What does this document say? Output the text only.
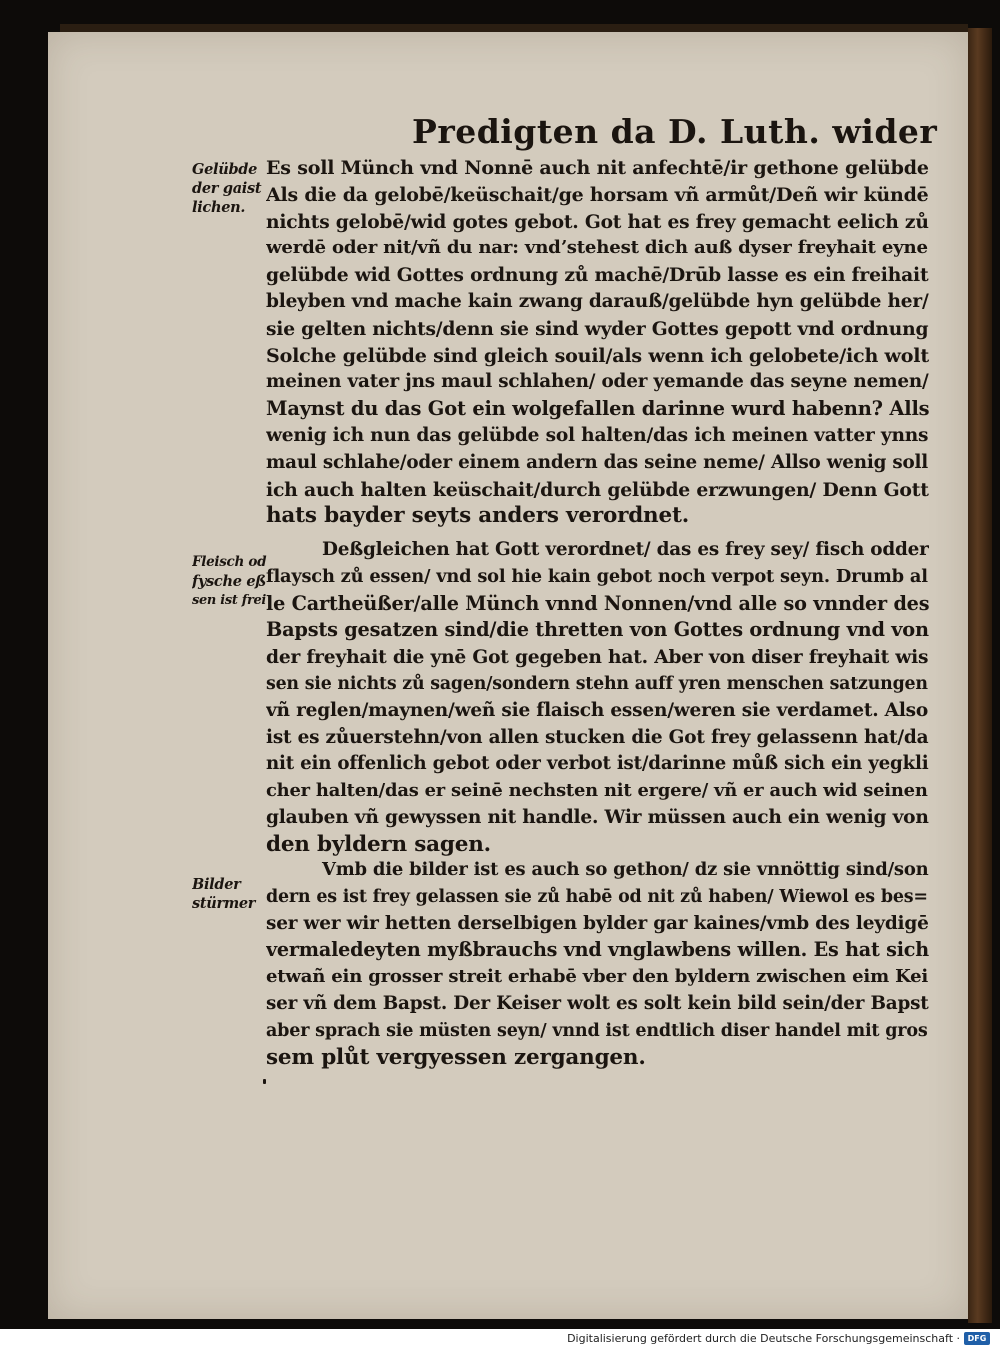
Predigten da D. Luth. wider
Gelübde
der gaist
lichen.
Es soll Münch vnd Nonnē auch nit anfechtē/ir gethone gelübde
Als die da gelobē/keüschait/ge horsam vñ armůt/Deñ wir kündē
nichts gelobē/wid gotes gebot. Got hat es frey gemacht eelich zů
werdē oder nit/vñ du nar: vndʼstehest dich auß dyser freyhait eyne
gelübde wid Gottes ordnung zů machē/Drūb lasse es ein freihait
bleyben vnd mache kain zwang darauß/gelübde hyn gelübde her/
sie gelten nichts/denn sie sind wyder Gottes gepott vnd ordnung
Solche gelübde sind gleich souil/als wenn ich gelobete/ich wolt
meinen vater jns maul schlahen/ oder yemande das seyne nemen/
Maynst du das Got ein wolgefallen darinne wurd habenn? Alls
wenig ich nun das gelübde sol halten/das ich meinen vatter ynns
maul schlahe/oder einem andern das seine neme/ Allso wenig soll
ich auch halten keüschait/durch gelübde erzwungen/ Denn Gott
hats bayder seyts anders verordnet.
Fleisch od
fysche eß
sen ist frei
Deßgleichen hat Gott verordnet/ das es frey sey/ fisch odder
flaysch zů essen/ vnd sol hie kain gebot noch verpot seyn. Drumb al
le Cartheüßer/alle Münch vnnd Nonnen/vnd alle so vnnder des
Bapsts gesatzen sind/die thretten von Gottes ordnung vnd von
der freyhait die ynē Got gegeben hat. Aber von diser freyhait wis
sen sie nichts zů sagen/sondern stehn auff yren menschen satzungen
vñ reglen/maynen/weñ sie flaisch essen/weren sie verdamet. Also
ist es zůuerstehn/von allen stucken die Got frey gelassenn hat/da
nit ein offenlich gebot oder verbot ist/darinne můß sich ein yegkli
cher halten/das er seinē nechsten nit ergere/ vñ er auch wid seinen
glauben vñ gewyssen nit handle. Wir müssen auch ein wenig von
den byldern sagen.
Bilder
stürmer
Vmb die bilder ist es auch so gethon/ dz sie vnnöttig sind/son
dern es ist frey gelassen sie zů habē od nit zů haben/ Wiewol es bes=
ser wer wir hetten derselbigen bylder gar kaines/vmb des leydigē
vermaledeyten myßbrauchs vnd vnglawbens willen. Es hat sich
etwañ ein grosser streit erhabē vber den byldern zwischen eim Kei
ser vñ dem Bapst. Der Keiser wolt es solt kein bild sein/der Bapst
aber sprach sie müsten seyn/ vnnd ist endtlich diser handel mit gros
sem plůt vergyessen zergangen.
Digitalisierung gefördert durch die Deutsche Forschungsgemeinschaft · DFG
